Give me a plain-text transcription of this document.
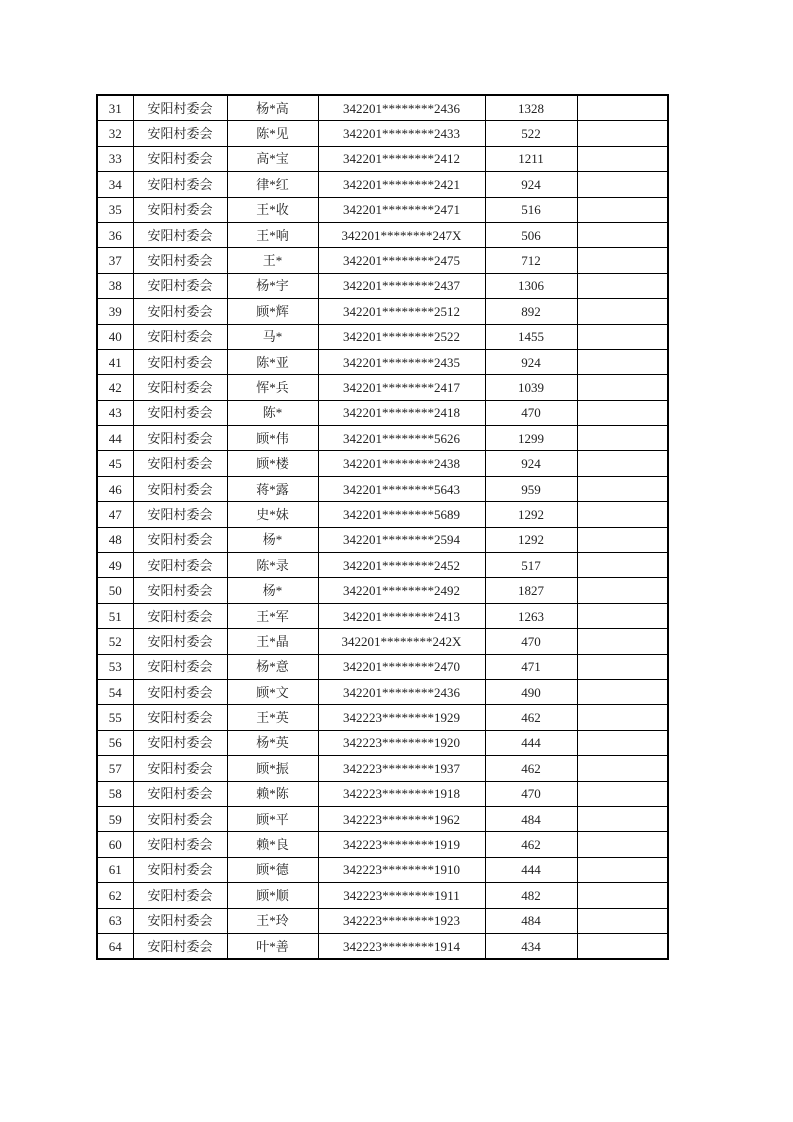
31	安阳村委会	杨*高	342201********2436	1328	
32	安阳村委会	陈*见	342201********2433	522	
33	安阳村委会	高*宝	342201********2412	1211	
34	安阳村委会	律*红	342201********2421	924	
35	安阳村委会	王*收	342201********2471	516	
36	安阳村委会	王*响	342201********247X	506	
37	安阳村委会	王*	342201********2475	712	
38	安阳村委会	杨*宇	342201********2437	1306	
39	安阳村委会	顾*辉	342201********2512	892	
40	安阳村委会	马*	342201********2522	1455	
41	安阳村委会	陈*亚	342201********2435	924	
42	安阳村委会	恽*兵	342201********2417	1039	
43	安阳村委会	陈*	342201********2418	470	
44	安阳村委会	顾*伟	342201********5626	1299	
45	安阳村委会	顾*楼	342201********2438	924	
46	安阳村委会	蒋*露	342201********5643	959	
47	安阳村委会	史*妹	342201********5689	1292	
48	安阳村委会	杨*	342201********2594	1292	
49	安阳村委会	陈*录	342201********2452	517	
50	安阳村委会	杨*	342201********2492	1827	
51	安阳村委会	王*军	342201********2413	1263	
52	安阳村委会	王*晶	342201********242X	470	
53	安阳村委会	杨*意	342201********2470	471	
54	安阳村委会	顾*文	342201********2436	490	
55	安阳村委会	王*英	342223********1929	462	
56	安阳村委会	杨*英	342223********1920	444	
57	安阳村委会	顾*振	342223********1937	462	
58	安阳村委会	赖*陈	342223********1918	470	
59	安阳村委会	顾*平	342223********1962	484	
60	安阳村委会	赖*良	342223********1919	462	
61	安阳村委会	顾*德	342223********1910	444	
62	安阳村委会	顾*顺	342223********1911	482	
63	安阳村委会	王*玲	342223********1923	484	
64	安阳村委会	叶*善	342223********1914	434	
